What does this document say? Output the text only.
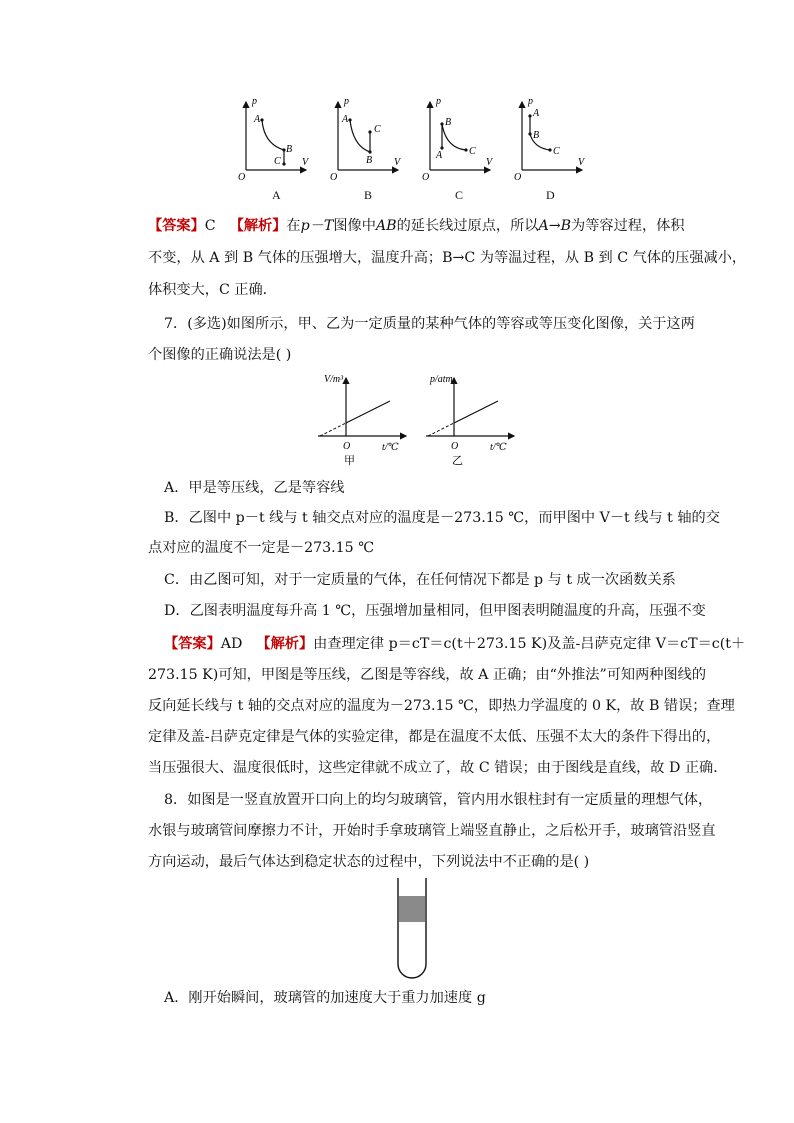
p
V
O
A
B
C
p
V
O
A
B
C
p
V
O
A
B
C
p
V
O
A
B
C
A	B	C	D
【答案】C 【解析】在p－T图像中AB的延长线过原点，所以A→B为等容过程，体积
不变，从 A 到 B 气体的压强增大，温度升高；B→C 为等温过程，从 B 到 C 气体的压强减小，
体积变大，C 正确．
7．(多选)如图所示，甲、乙为一定质量的某种气体的等容或等压变化图像，关于这两
个图像的正确说法是( )
V/m³
t/℃
O
甲
p/atm
t/℃
O
乙
A．甲是等压线，乙是等容线
B．乙图中 p－t 线与 t 轴交点对应的温度是－273.15 ℃，而甲图中 V－t 线与 t 轴的交
点对应的温度不一定是－273.15 ℃
C．由乙图可知，对于一定质量的气体，在任何情况下都是 p 与 t 成一次函数关系
D．乙图表明温度每升高 1 ℃，压强增加量相同，但甲图表明随温度的升高，压强不变
【答案】AD 【解析】由查理定律 p＝cT＝c(t＋273.15 K)及盖-吕萨克定律 V＝cT＝c(t＋
273.15 K)可知，甲图是等压线，乙图是等容线，故 A 正确；由“外推法”可知两种图线的
反向延长线与 t 轴的交点对应的温度为－273.15 ℃，即热力学温度的 0 K，故 B 错误；查理
定律及盖-吕萨克定律是气体的实验定律，都是在温度不太低、压强不太大的条件下得出的，
当压强很大、温度很低时，这些定律就不成立了，故 C 错误；由于图线是直线，故 D 正确．
8．如图是一竖直放置开口向上的均匀玻璃管，管内用水银柱封有一定质量的理想气体，
水银与玻璃管间摩擦力不计，开始时手拿玻璃管上端竖直静止，之后松开手，玻璃管沿竖直
方向运动，最后气体达到稳定状态的过程中，下列说法中不正确的是( )
A．刚开始瞬间，玻璃管的加速度大于重力加速度 g
